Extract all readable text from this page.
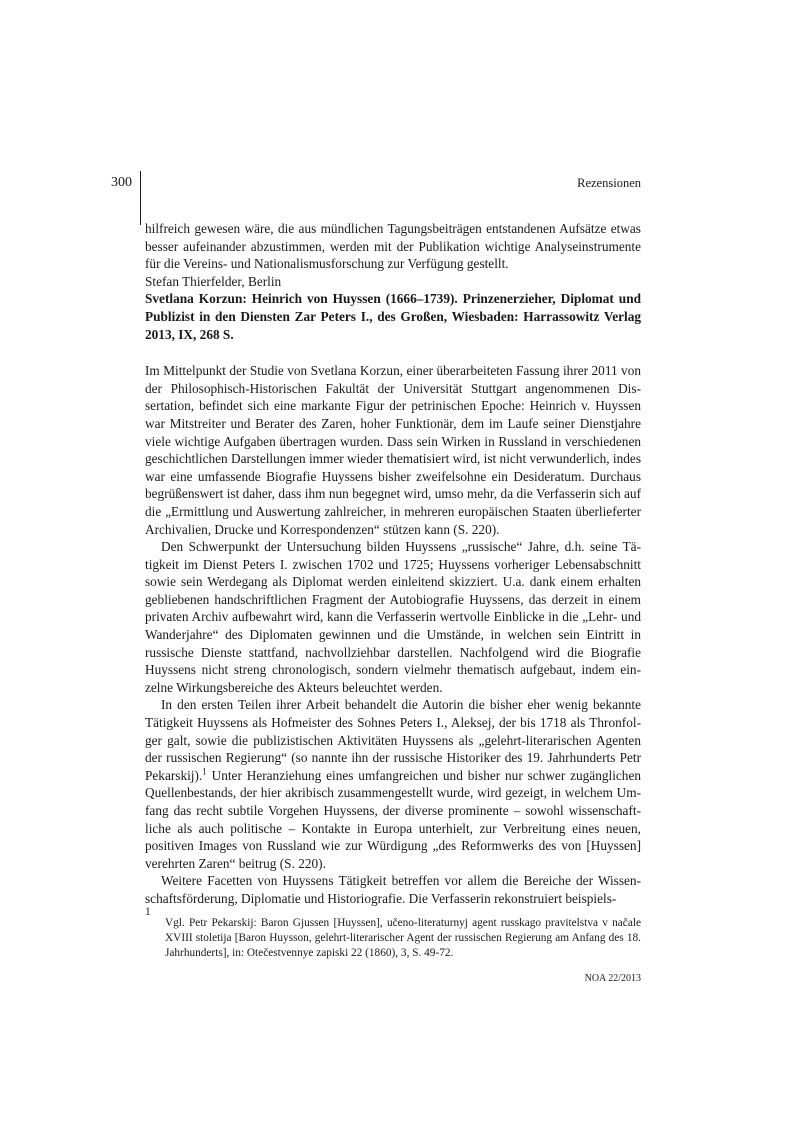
300	Rezensionen

hilfreich gewesen wäre, die aus mündlichen Tagungsbeiträgen entstandenen Aufsätze etwas besser aufeinander abzustimmen, werden mit der Publikation wichtige Analyseinstrumente für die Vereins- und Nationalismusforschung zur Verfügung gestellt.

Stefan Thierfelder, Berlin

Svetlana Korzun: Heinrich von Huyssen (1666–1739). Prinzenerzieher, Diplomat und Publizist in den Diensten Zar Peters I., des Großen, Wiesbaden: Harrassowitz Verlag 2013, IX, 268 S.

Im Mittelpunkt der Studie von Svetlana Korzun, einer überarbeiteten Fassung ihrer 2011 von der Philosophisch-Historischen Fakultät der Universität Stuttgart angenommenen Dissertation, befindet sich eine markante Figur der petrinischen Epoche: Heinrich v. Huyssen war Mitstreiter und Berater des Zaren, hoher Funktionär, dem im Laufe seiner Dienstjahre viele wichtige Aufgaben übertragen wurden. Dass sein Wirken in Russland in verschiedenen geschichtlichen Darstellungen immer wieder thematisiert wird, ist nicht verwunderlich, indes war eine umfassende Biografie Huyssens bisher zweifelsohne ein Desideratum. Durchaus begrüßenswert ist daher, dass ihm nun begegnet wird, umso mehr, da die Verfasserin sich auf die „Ermittlung und Auswertung zahlreicher, in mehreren europäischen Staaten überlieferter Archivalien, Drucke und Korrespondenzen“ stützen kann (S. 220).

Den Schwerpunkt der Untersuchung bilden Huyssens „russische“ Jahre, d.h. seine Tätigkeit im Dienst Peters I. zwischen 1702 und 1725; Huyssens vorheriger Lebensabschnitt sowie sein Werdegang als Diplomat werden einleitend skizziert. U.a. dank einem erhalten gebliebenen handschriftlichen Fragment der Autobiografie Huyssens, das derzeit in einem privaten Archiv aufbewahrt wird, kann die Verfasserin wertvolle Einblicke in die „Lehr- und Wanderjahre“ des Diplomaten gewinnen und die Umstände, in welchen sein Eintritt in russische Dienste stattfand, nachvollziehbar darstellen. Nachfolgend wird die Biografie Huyssens nicht streng chronologisch, sondern vielmehr thematisch aufgebaut, indem einzelne Wirkungsbereiche des Akteurs beleuchtet werden.

In den ersten Teilen ihrer Arbeit behandelt die Autorin die bisher eher wenig bekannte Tätigkeit Huyssens als Hofmeister des Sohnes Peters I., Aleksej, der bis 1718 als Thronfolger galt, sowie die publizistischen Aktivitäten Huyssens als „gelehrt-literarischen Agenten der russischen Regierung“ (so nannte ihn der russische Historiker des 19. Jahrhunderts Petr Pekarskij).$^1$ Unter Heranziehung eines umfangreichen und bisher nur schwer zugänglichen Quellenbestands, der hier akribisch zusammengestellt wurde, wird gezeigt, in welchem Umfang das recht subtile Vorgehen Huyssens, der diverse prominente – sowohl wissenschaftliche als auch politische – Kontakte in Europa unterhielt, zur Verbreitung eines neuen, positiven Images von Russland wie zur Würdigung „des Reformwerks des von [Huyssen] verehrten Zaren“ beitrug (S. 220).

Weitere Facetten von Huyssens Tätigkeit betreffen vor allem die Bereiche der Wissenschaftsförderung, Diplomatie und Historiografie. Die Verfasserin rekonstruiert beispiels-

1

Vgl. Petr Pekarskij: Baron Gjussen [Huyssen], učeno-literaturnyj agent russkago pravitelstva v načale XVIII stoletija [Baron Huysson, gelehrt-literarischer Agent der russischen Regierung am Anfang des 18. Jahrhunderts], in: Otečestvennye zapiski 22 (1860), 3, S. 49-72.

NOA 22/2013
